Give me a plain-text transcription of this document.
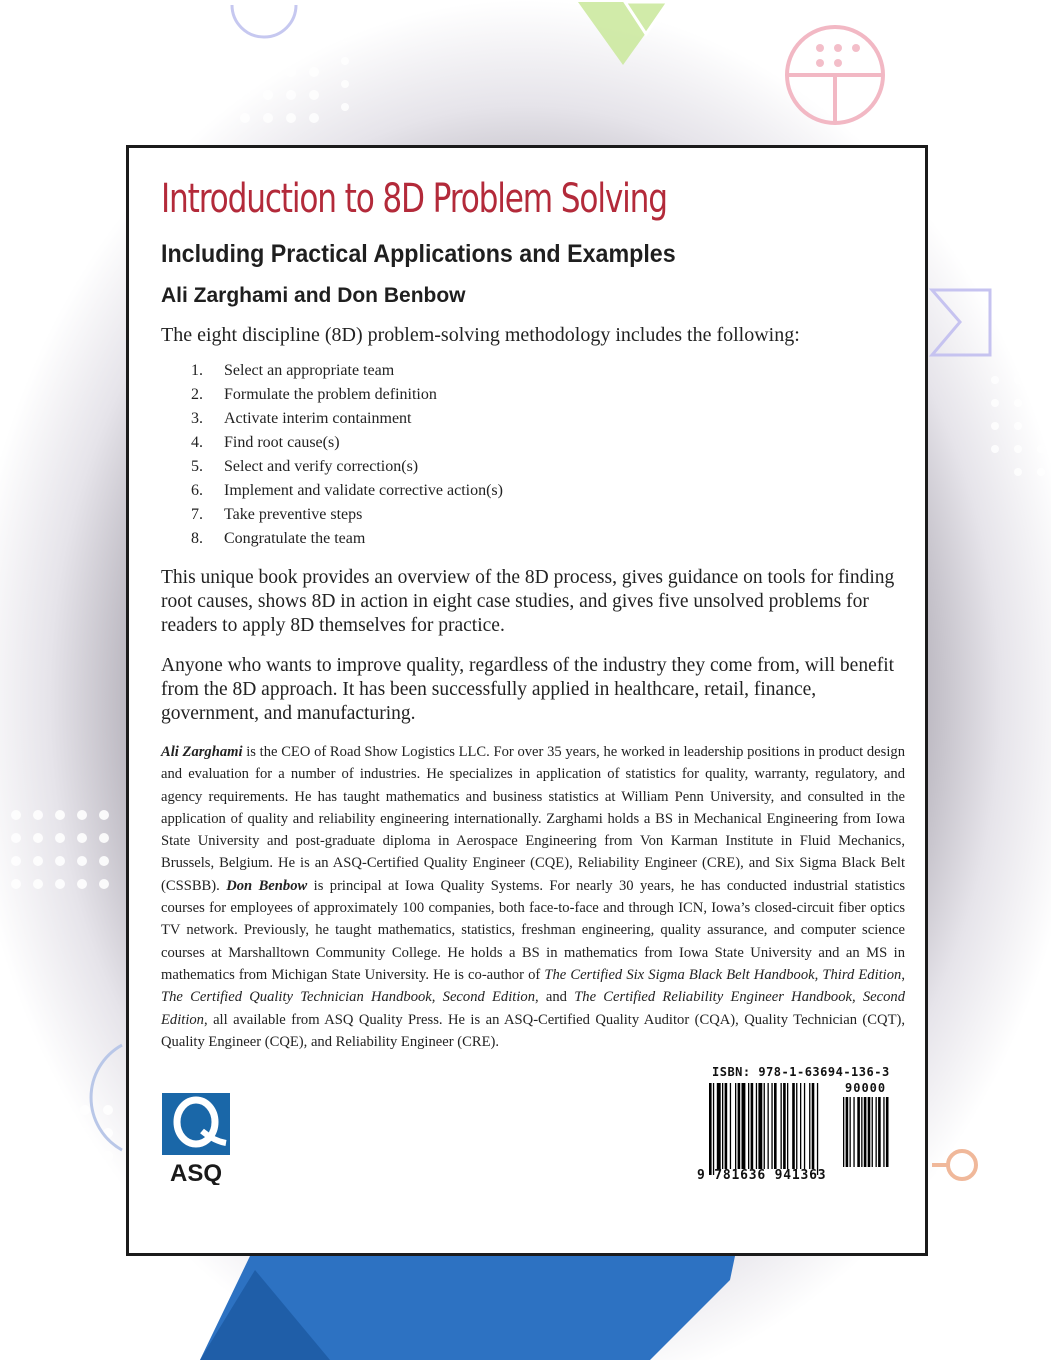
Introduction to 8D Problem Solving
Including Practical Applications and Examples
Ali Zarghami and Don Benbow

The eight discipline (8D) problem-solving methodology includes the following:

1. Select an appropriate team
2. Formulate the problem definition
3. Activate interim containment
4. Find root cause(s)
5. Select and verify correction(s)
6. Implement and validate corrective action(s)
7. Take preventive steps
8. Congratulate the team

This unique book provides an overview of the 8D process, gives guidance on tools for finding root causes, shows 8D in action in eight case studies, and gives five unsolved problems for readers to apply 8D themselves for practice.

Anyone who wants to improve quality, regardless of the industry they come from, will benefit from the 8D approach. It has been successfully applied in healthcare, retail, finance, government, and manufacturing.

Ali Zarghami is the CEO of Road Show Logistics LLC. For over 35 years, he worked in leadership positions in product design and evaluation for a number of industries. He specializes in application of statistics for quality, warranty, regulatory, and agency requirements. He has taught mathematics and business statistics at William Penn University, and consulted in the application of quality and reliability engineering internationally. Zarghami holds a BS in Mechanical Engineering from Iowa State University and post-graduate diploma in Aerospace Engineering from Von Karman Institute in Fluid Mechanics, Brussels, Belgium. He is an ASQ-Certified Quality Engineer (CQE), Reliability Engineer (CRE), and Six Sigma Black Belt (CSSBB). Don Benbow is principal at Iowa Quality Systems. For nearly 30 years, he has conducted industrial statistics courses for employees of approximately 100 companies, both face-to-face and through ICN, Iowa’s closed-circuit fiber optics TV network. Previously, he taught mathematics, statistics, freshman engineering, quality assurance, and computer science courses at Marshalltown Community College. He holds a BS in mathematics from Iowa State University and an MS in mathematics from Michigan State University. He is co-author of The Certified Six Sigma Black Belt Handbook, Third Edition, The Certified Quality Technician Handbook, Second Edition, and The Certified Reliability Engineer Handbook, Second Edition, all available from ASQ Quality Press. He is an ASQ-Certified Quality Auditor (CQA), Quality Technician (CQT), Quality Engineer (CQE), and Reliability Engineer (CRE).

ASQ

ISBN: 978-1-63694-136-3

90000

9 781636 941363
